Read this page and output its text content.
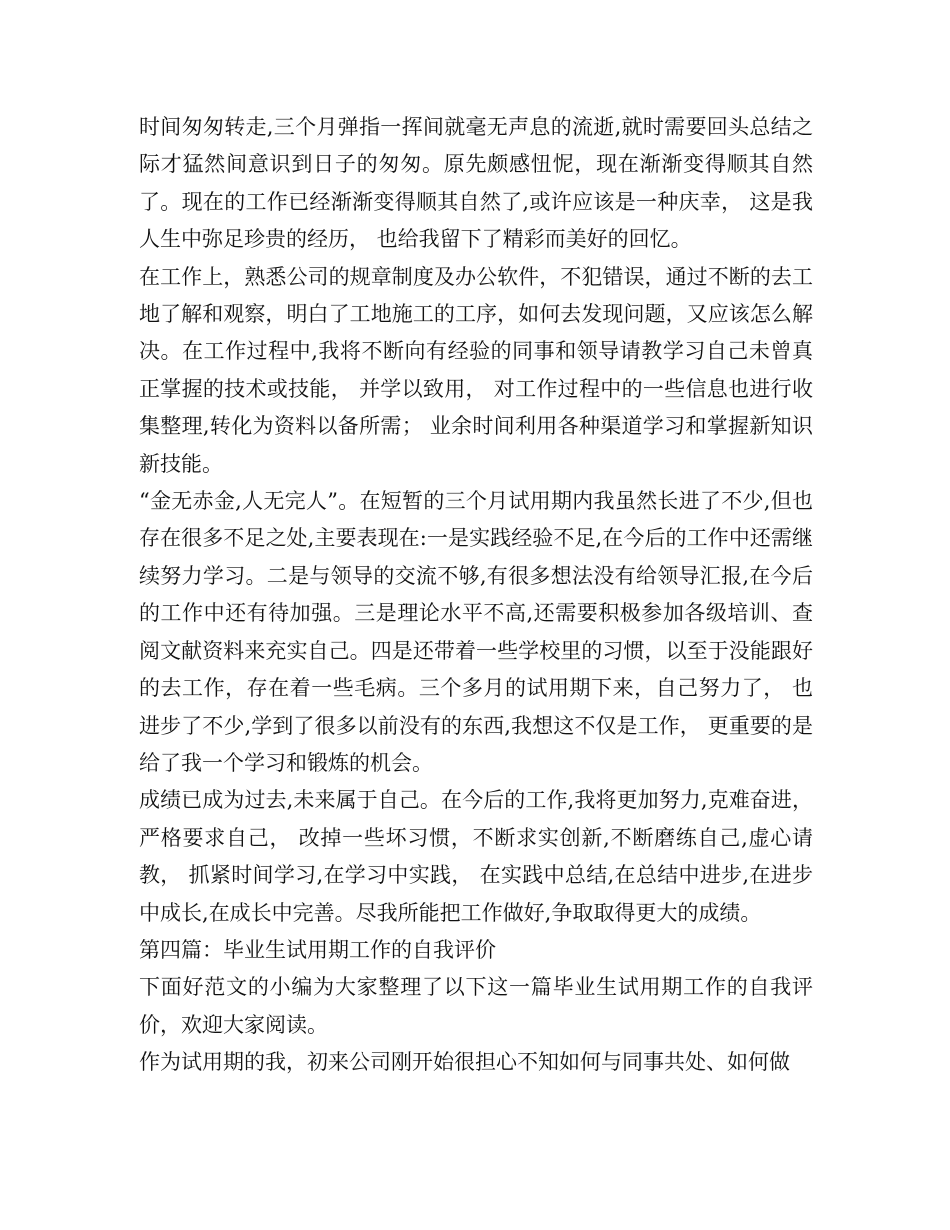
时间匆匆转走,三个月弹指一挥间就毫无声息的流逝,就时需要回头总结之际才猛然间意识到日子的匆匆。原先颇感忸怩，现在渐渐变得顺其自然了。现在的工作已经渐渐变得顺其自然了,或许应该是一种庆幸， 这是我人生中弥足珍贵的经历， 也给我留下了精彩而美好的回忆。

在工作上，熟悉公司的规章制度及办公软件，不犯错误，通过不断的去工地了解和观察，明白了工地施工的工序，如何去发现问题，又应该怎么解决。在工作过程中,我将不断向有经验的同事和领导请教学习自己未曾真正掌握的技术或技能， 并学以致用， 对工作过程中的一些信息也进行收集整理,转化为资料以备所需； 业余时间利用各种渠道学习和掌握新知识新技能。

“金无赤金,人无完人”。在短暂的三个月试用期内我虽然长进了不少,但也存在很多不足之处,主要表现在:一是实践经验不足,在今后的工作中还需继续努力学习。二是与领导的交流不够,有很多想法没有给领导汇报,在今后的工作中还有待加强。三是理论水平不高,还需要积极参加各级培训、查阅文献资料来充实自己。四是还带着一些学校里的习惯，以至于没能跟好的去工作，存在着一些毛病。三个多月的试用期下来，自己努力了， 也进步了不少,学到了很多以前没有的东西,我想这不仅是工作， 更重要的是给了我一个学习和锻炼的机会。

成绩已成为过去,未来属于自己。在今后的工作,我将更加努力,克难奋进， 严格要求自己， 改掉一些坏习惯，不断求实创新,不断磨练自己,虚心请教， 抓紧时间学习,在学习中实践， 在实践中总结,在总结中进步,在进步中成长,在成长中完善。尽我所能把工作做好,争取取得更大的成绩。

第四篇：毕业生试用期工作的自我评价

下面好范文的小编为大家整理了以下这一篇毕业生试用期工作的自我评价，欢迎大家阅读。

作为试用期的我，初来公司刚开始很担心不知如何与同事共处、如何做
